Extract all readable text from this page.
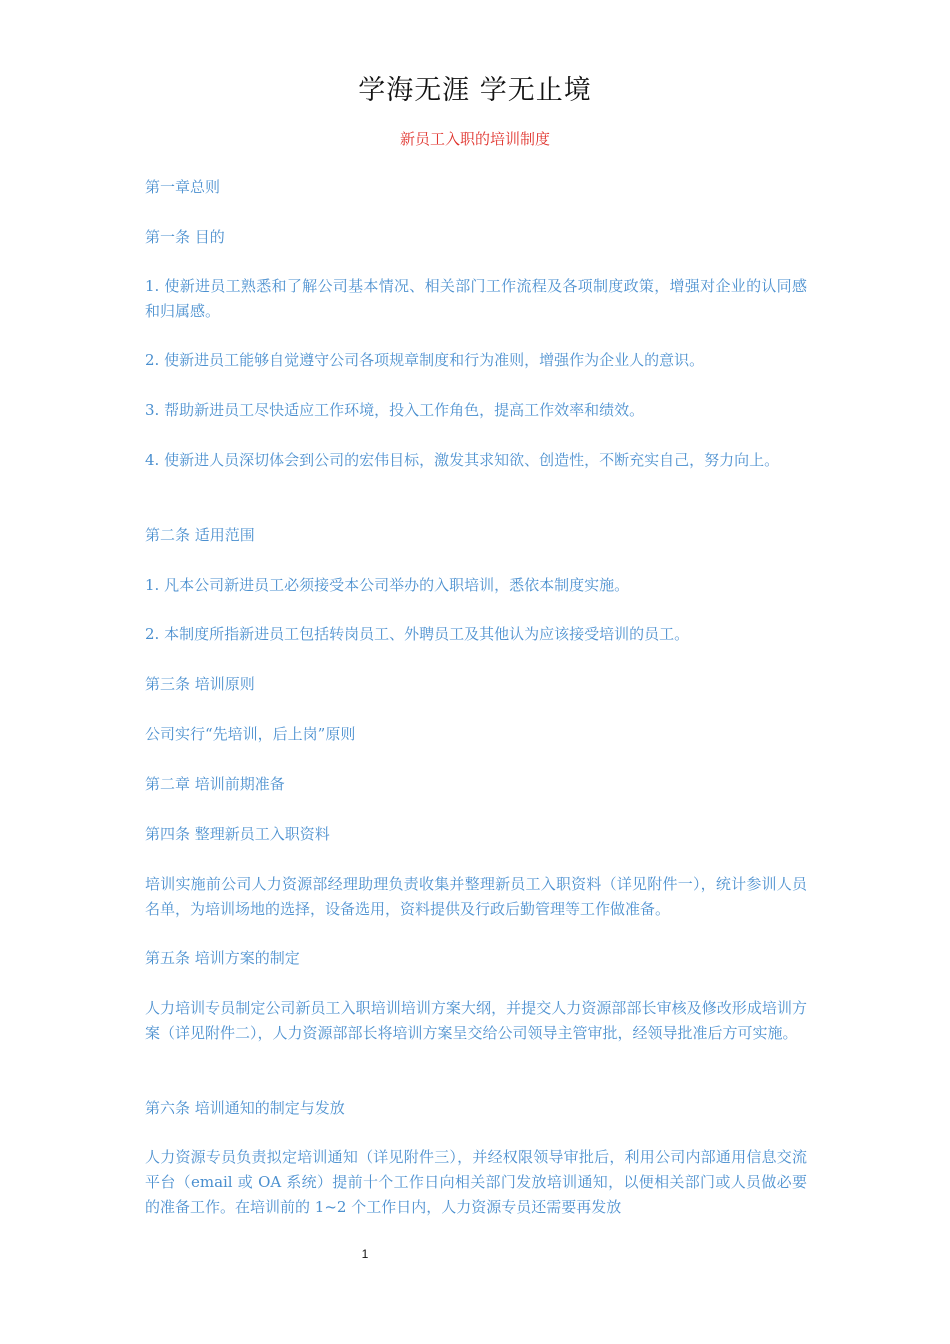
学海无涯 学无止境
新员工入职的培训制度

第一章总则

第一条 目的

1. 使新进员工熟悉和了解公司基本情况、相关部门工作流程及各项制度政策，增强对企业的认同感和归属感。

2. 使新进员工能够自觉遵守公司各项规章制度和行为准则，增强作为企业人的意识。

3. 帮助新进员工尽快适应工作环境，投入工作角色，提高工作效率和绩效。

4. 使新进人员深切体会到公司的宏伟目标，激发其求知欲、创造性，不断充实自己，努力向上。

第二条 适用范围

1. 凡本公司新进员工必须接受本公司举办的入职培训，悉依本制度实施。

2. 本制度所指新进员工包括转岗员工、外聘员工及其他认为应该接受培训的员工。

第三条 培训原则

公司实行“先培训，后上岗”原则

第二章 培训前期准备

第四条 整理新员工入职资料

培训实施前公司人力资源部经理助理负责收集并整理新员工入职资料（详见附件一），统计参训人员名单，为培训场地的选择，设备选用，资料提供及行政后勤管理等工作做准备。

第五条 培训方案的制定

人力培训专员制定公司新员工入职培训培训方案大纲，并提交人力资源部部长审核及修改形成培训方案（详见附件二），人力资源部部长将培训方案呈交给公司领导主管审批，经领导批准后方可实施。

第六条 培训通知的制定与发放

人力资源专员负责拟定培训通知（详见附件三），并经权限领导审批后，利用公司内部通用信息交流平台（email 或 OA 系统）提前十个工作日向相关部门发放培训通知，以便相关部门或人员做必要的准备工作。在培训前的 1~2 个工作日内，人力资源专员还需要再发放

1
